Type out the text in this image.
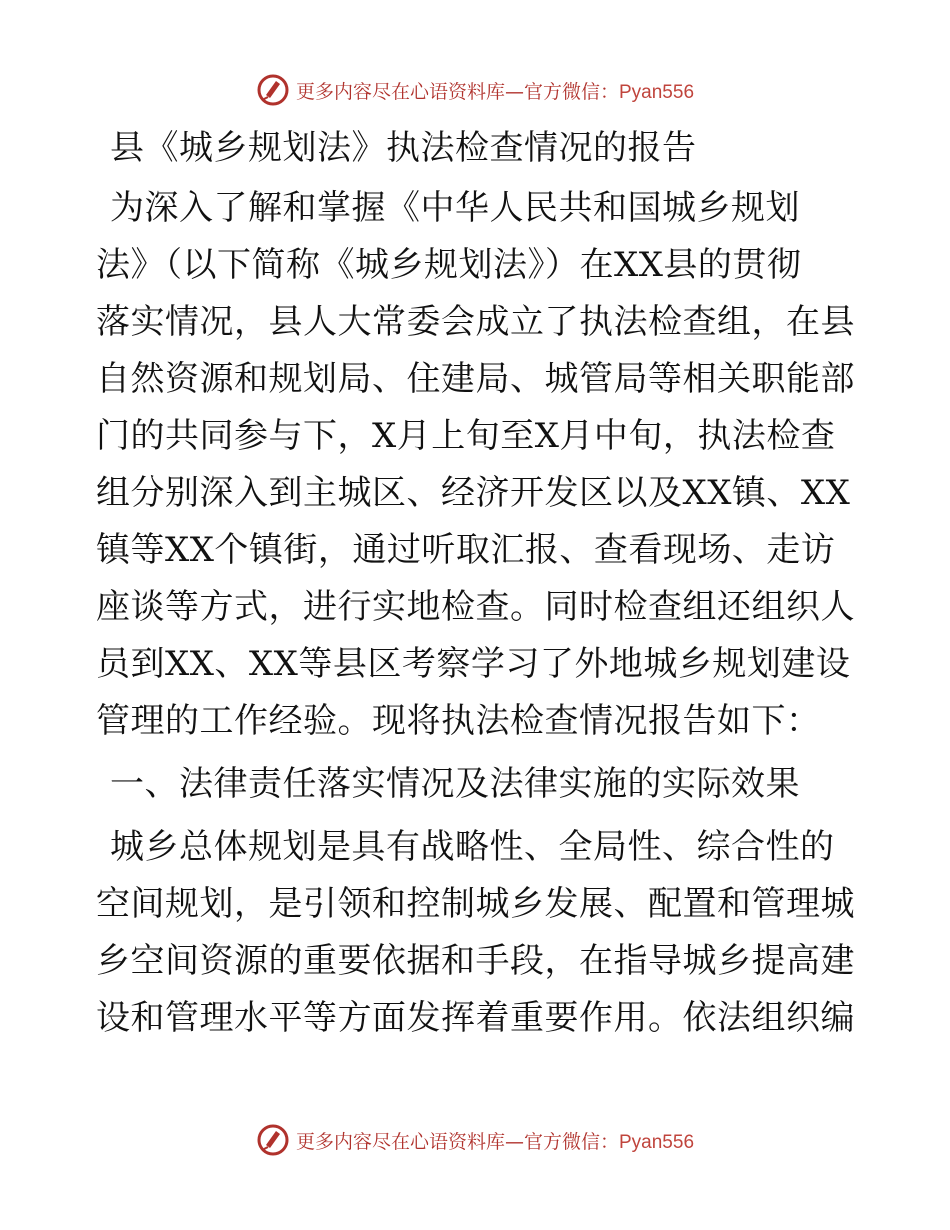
更多内容尽在心语资料库—官方微信：Pyan556
县《城乡规划法》执法检查情况的报告
为深入了解和掌握《中华人民共和国城乡规划
法》（以下简称《城乡规划法》）在XX县的贯彻
落实情况，县人大常委会成立了执法检查组，在县
自然资源和规划局、住建局、城管局等相关职能部
门的共同参与下，X月上旬至X月中旬，执法检查
组分别深入到主城区、经济开发区以及XX镇、XX
镇等XX个镇街，通过听取汇报、查看现场、走访
座谈等方式，进行实地检查。同时检查组还组织人
员到XX、XX等县区考察学习了外地城乡规划建设
管理的工作经验。现将执法检查情况报告如下：
一、法律责任落实情况及法律实施的实际效果
城乡总体规划是具有战略性、全局性、综合性的
空间规划，是引领和控制城乡发展、配置和管理城
乡空间资源的重要依据和手段，在指导城乡提高建
设和管理水平等方面发挥着重要作用。依法组织编
更多内容尽在心语资料库—官方微信：Pyan556
